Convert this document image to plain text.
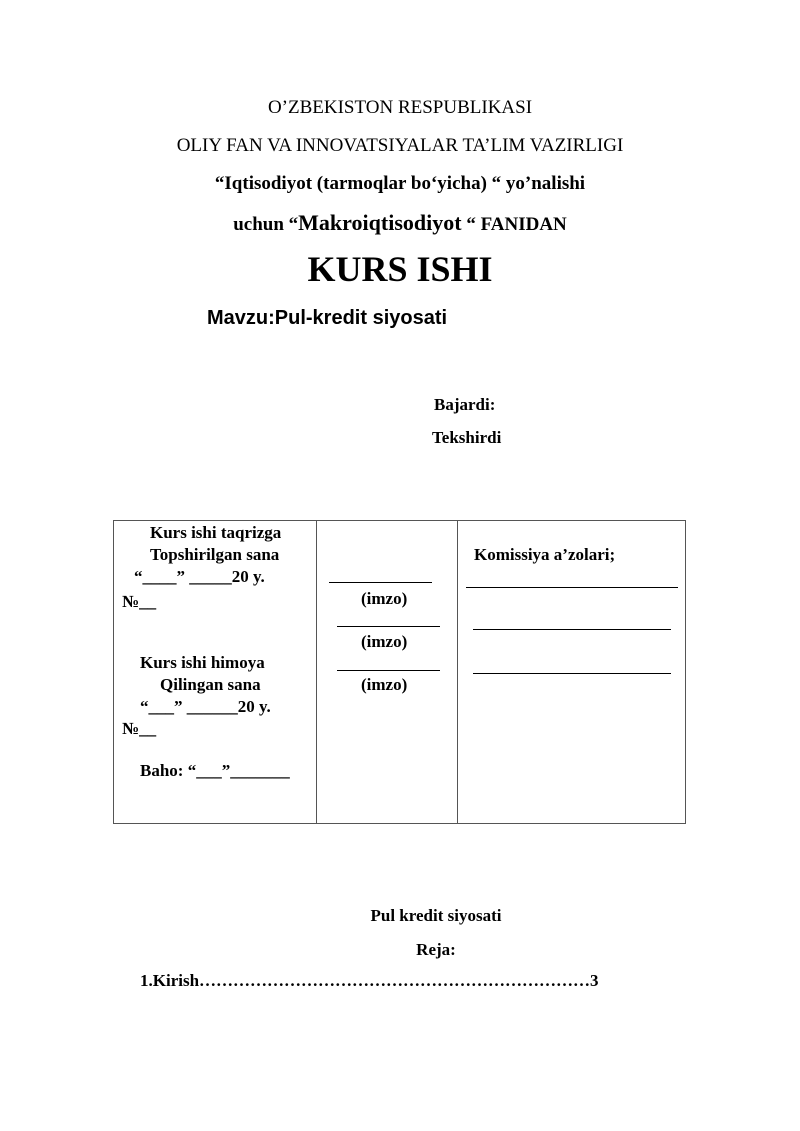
O’ZBEKISTON RESPUBLIKASI
OLIY FAN VA INNOVATSIYALAR TA’LIM VAZIRLIGI
“Iqtisodiyot (tarmoqlar bo‘yicha) “ yo’nalishi
uchun “Makroiqtisodiyot “ FANIDAN
KURS ISHI
Mavzu:Pul-kredit siyosati
Bajardi:
Tekshirdi
Kurs ishi taqrizga
Topshirilgan sana
“____” _____20 y.
№__
Kurs ishi himoya
Qilingan sana
“___” ______20 y.
№__
Baho: “___”_______
(imzo)
(imzo)
(imzo)
Komissiya a’zolari;
Pul kredit siyosati
Reja:
1.Kirish……………………………………………………………3
